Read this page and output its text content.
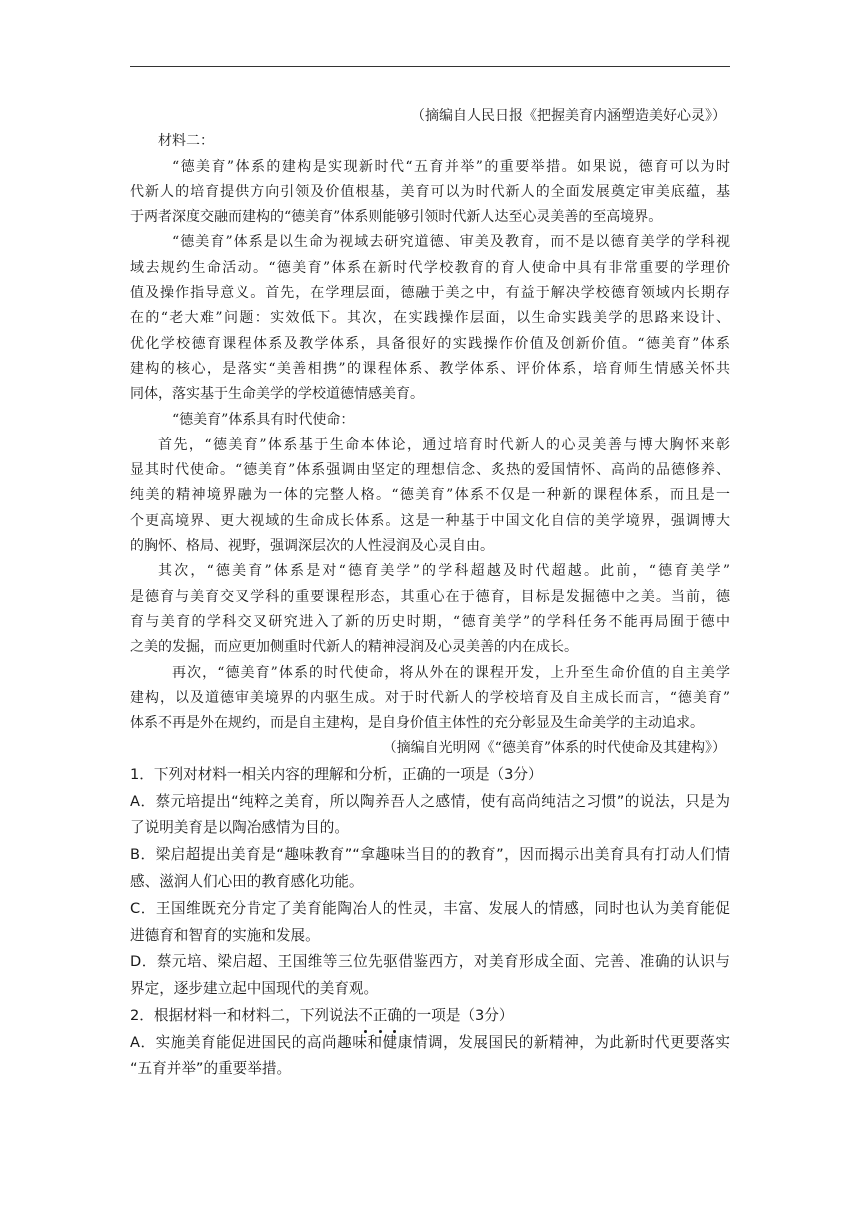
（摘编自人民日报《把握美育内涵塑造美好心灵》）
材料二：
“德美育”体系的建构是实现新时代“五育并举”的重要举措。如果说，德育可以为时
代新人的培育提供方向引领及价值根基，美育可以为时代新人的全面发展奠定审美底蕴，基
于两者深度交融而建构的“德美育”体系则能够引领时代新人达至心灵美善的至高境界。
“德美育”体系是以生命为视域去研究道德、审美及教育，而不是以德育美学的学科视
域去规约生命活动。“德美育”体系在新时代学校教育的育人使命中具有非常重要的学理价
值及操作指导意义。首先，在学理层面，德融于美之中，有益于解决学校德育领域内长期存
在的“老大难”问题：实效低下。其次，在实践操作层面，以生命实践美学的思路来设计、
优化学校德育课程体系及教学体系，具备很好的实践操作价值及创新价值。“德美育”体系
建构的核心，是落实“美善相携”的课程体系、教学体系、评价体系，培育师生情感关怀共
同体，落实基于生命美学的学校道德情感美育。
“德美育”体系具有时代使命：
首先，“德美育”体系基于生命本体论，通过培育时代新人的心灵美善与博大胸怀来彰
显其时代使命。“德美育”体系强调由坚定的理想信念、炙热的爱国情怀、高尚的品德修养、
纯美的精神境界融为一体的完整人格。“德美育”体系不仅是一种新的课程体系，而且是一
个更高境界、更大视域的生命成长体系。这是一种基于中国文化自信的美学境界，强调博大
的胸怀、格局、视野，强调深层次的人性浸润及心灵自由。
其次，“德美育”体系是对“德育美学”的学科超越及时代超越。此前，“德育美学”
是德育与美育交叉学科的重要课程形态，其重心在于德育，目标是发掘德中之美。当前，德
育与美育的学科交叉研究进入了新的历史时期，“德育美学”的学科任务不能再局囿于德中
之美的发掘，而应更加侧重时代新人的精神浸润及心灵美善的内在成长。
再次，“德美育”体系的时代使命，将从外在的课程开发，上升至生命价值的自主美学
建构，以及道德审美境界的内驱生成。对于时代新人的学校培育及自主成长而言，“德美育”
体系不再是外在规约，而是自主建构，是自身价值主体性的充分彰显及生命美学的主动追求。
（摘编自光明网《“德美育”体系的时代使命及其建构》）
1．下列对材料一相关内容的理解和分析，正确的一项是（3分）
A．蔡元培提出“纯粹之美育，所以陶养吾人之感情，使有高尚纯洁之习惯”的说法，只是为
了说明美育是以陶冶感情为目的。
B．梁启超提出美育是“趣味教育”“拿趣味当目的的教育”，因而揭示出美育具有打动人们情
感、滋润人们心田的教育感化功能。
C．王国维既充分肯定了美育能陶冶人的性灵，丰富、发展人的情感，同时也认为美育能促
进德育和智育的实施和发展。
D．蔡元培、梁启超、王国维等三位先驱借鉴西方，对美育形成全面、完善、准确的认识与
界定，逐步建立起中国现代的美育观。
2．根据材料一和材料二，下列说法不正确的一项是（3分）
A．实施美育能促进国民的高尚趣味和健康情调，发展国民的新精神，为此新时代更要落实
“五育并举”的重要举措。
